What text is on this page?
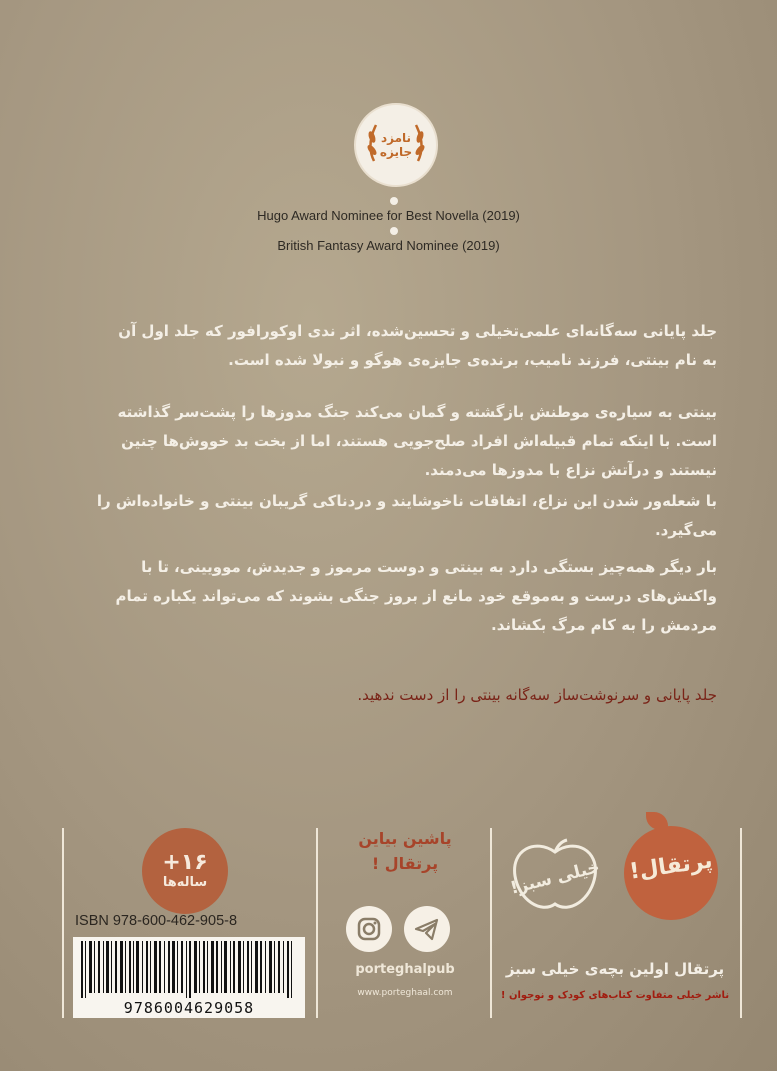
نامزد
جایزه
Hugo Award Nominee for Best Novella (2019)
British Fantasy Award Nominee (2019)
جلد پایانی سه‌گانه‌ای علمی‌تخیلی و تحسین‌شده، اثر ندی اوکورافور که جلد اول آن
به نام بینتی، فرزند نامیب، برنده‌ی جایزه‌ی هوگو و نبولا شده است.
بینتی به سیاره‌ی موطنش بازگشته و گمان می‌کند جنگ مدوزها را پشت‌سر گذاشته
است. با اینکه تمام قبیله‌اش افراد صلح‌جویی هستند، اما از بخت بد خووش‌ها چنین
نیستند و درآتش نزاع با مدوزها می‌دمند.
با شعله‌ور شدن این نزاع، اتفاقات ناخوشایند و دردناکی گریبان بینتی و خانواده‌اش را
می‌گیرد.
بار دیگر همه‌چیز بستگی دارد به بینتی و دوست مرموز و جدیدش، موویینی، تا با
واکنش‌های درست و به‌موقع خود مانع از بروز جنگی بشوند که می‌تواند یکباره تمام
مردمش را به کام مرگ بکشاند.
جلد پایانی و سرنوشت‌ساز سه‌گانه بینتی را از دست ندهید.
+۱۶
ساله‌ها
ISBN 978-600-462-905-8
9786004629058
پاشین بیاین
پرتقال !
porteghalpub
www.porteghaal.com
پرتقال!
خیلی سبز!
پرتقال اولین بچه‌ی خیلی سبز
ناشر خیلی متفاوت کتاب‌های کودک و نوجوان !
